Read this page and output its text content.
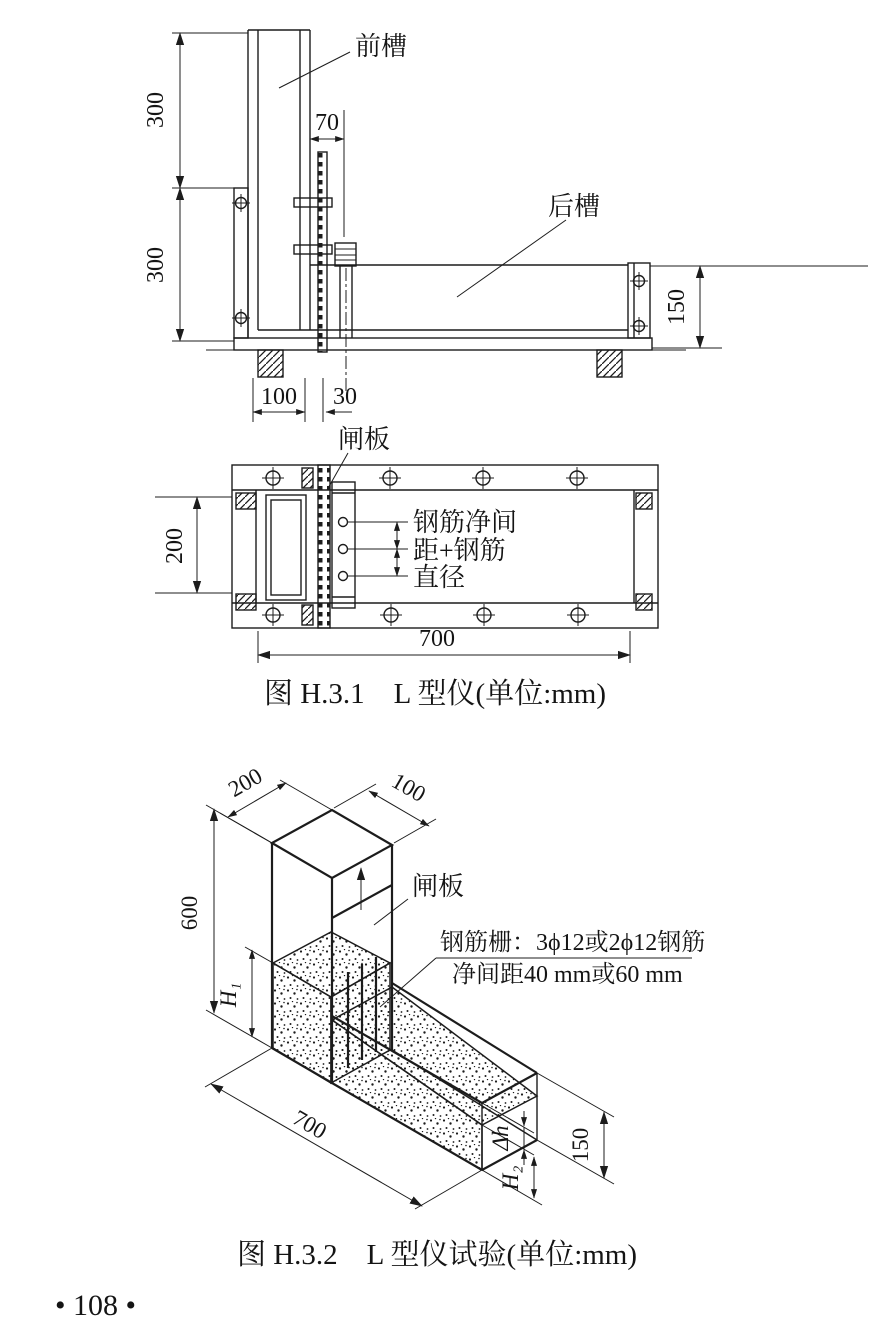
300
300
70
100 30
150
前槽
后槽
钢筋净间
距+钢筋
直径
闸板
200
700
图 H.3.1　L 型仪(单位:mm)
200	100
600
H₁
700	Δh
H₂
150
闸板
钢筋栅：3ϕ12或2ϕ12钢筋
净间距40 mm或60 mm
图 H.3.2　L 型仪试验(单位:mm)
• 108 •
